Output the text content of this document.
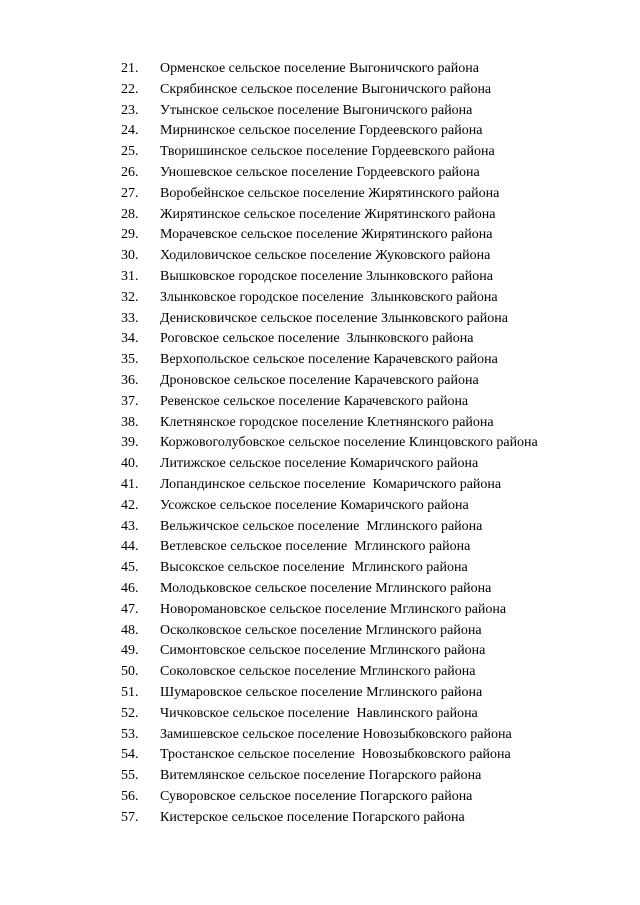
21. Орменское сельское поселение Выгоничского района
22. Скрябинское сельское поселение Выгоничского района
23. Утынское сельское поселение Выгоничского района
24. Мирнинское сельское поселение Гордеевского района
25. Творишинское сельское поселение Гордеевского района
26. Уношевское сельское поселение Гордеевского района
27. Воробейнское сельское поселение Жирятинского района
28. Жирятинское сельское поселение Жирятинского района
29. Морачевское сельское поселение Жирятинского района
30. Ходиловичское сельское поселение Жуковского района
31. Вышковское городское поселение Злынковского района
32. Злынковское городское поселение  Злынковского района
33. Денисковичское сельское поселение Злынковского района
34. Роговское сельское поселение  Злынковского района
35. Верхопольское сельское поселение Карачевского района
36. Дроновское сельское поселение Карачевского района
37. Ревенское сельское поселение Карачевского района
38. Клетнянское городское поселение Клетнянского района
39. Коржовоголубовское сельское поселение Клинцовского района
40. Литижское сельское поселение Комаричского района
41. Лопандинское сельское поселение  Комаричского района
42. Усожское сельское поселение Комаричского района
43. Вельжичское сельское поселение  Мглинского района
44. Ветлевское сельское поселение  Мглинского района
45. Высокское сельское поселение  Мглинского района
46. Молодьковское сельское поселение Мглинского района
47. Новоромановское сельское поселение Мглинского района
48. Осколковское сельское поселение Мглинского района
49. Симонтовское сельское поселение Мглинского района
50. Соколовское сельское поселение Мглинского района
51. Шумаровское сельское поселение Мглинского района
52. Чичковское сельское поселение  Навлинского района
53. Замишевское сельское поселение Новозыбковского района
54. Тростанское сельское поселение  Новозыбковского района
55. Витемлянское сельское поселение Погарского района
56. Суворовское сельское поселение Погарского района
57. Кистерское сельское поселение Погарского района
